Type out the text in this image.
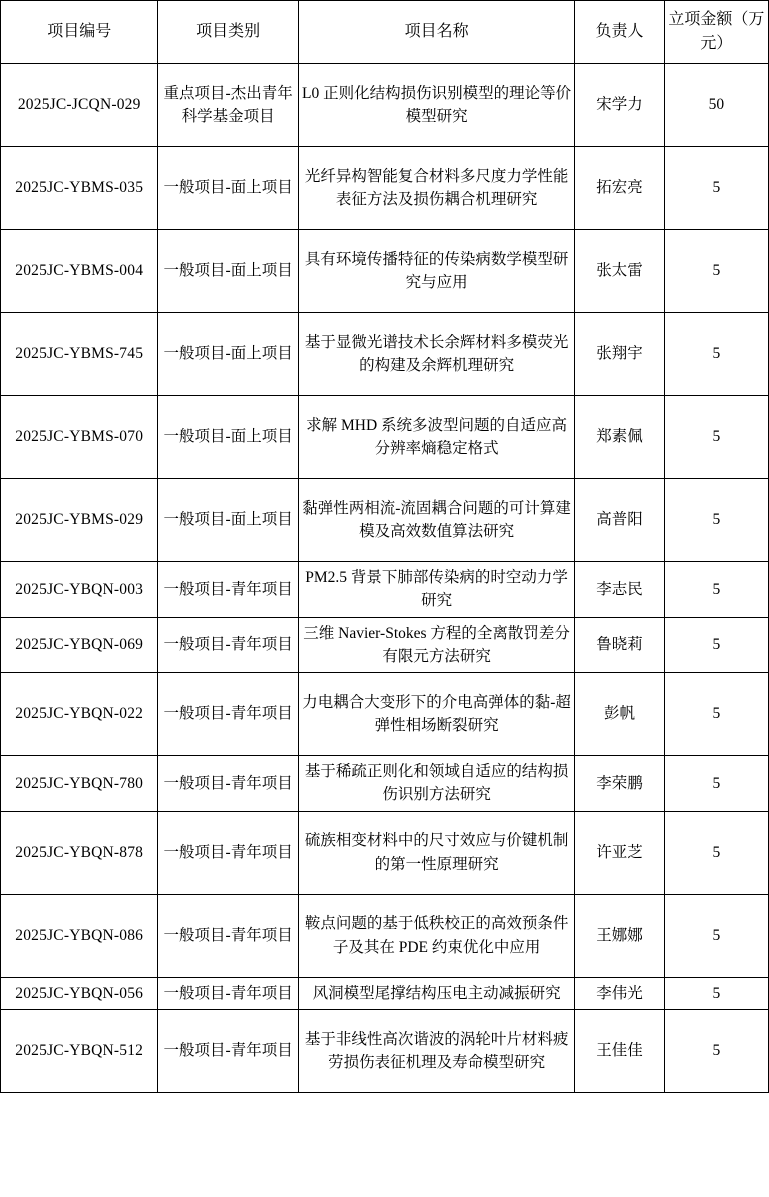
项目编号	项目类别	项目名称	负责人	立项金额（万元）
2025JC-JCQN-029	重点项目-杰出青年科学基金项目	L0 正则化结构损伤识别模型的理论等价模型研究	宋学力	50
2025JC-YBMS-035	一般项目-面上项目	光纤异构智能复合材料多尺度力学性能表征方法及损伤耦合机理研究	拓宏亮	5
2025JC-YBMS-004	一般项目-面上项目	具有环境传播特征的传染病数学模型研究与应用	张太雷	5
2025JC-YBMS-745	一般项目-面上项目	基于显微光谱技术长余辉材料多模荧光的构建及余辉机理研究	张翔宇	5
2025JC-YBMS-070	一般项目-面上项目	求解 MHD 系统多波型问题的自适应高分辨率熵稳定格式	郑素佩	5
2025JC-YBMS-029	一般项目-面上项目	黏弹性两相流-流固耦合问题的可计算建模及高效数值算法研究	高普阳	5
2025JC-YBQN-003	一般项目-青年项目	PM2.5 背景下肺部传染病的时空动力学研究	李志民	5
2025JC-YBQN-069	一般项目-青年项目	三维 Navier-Stokes 方程的全离散罚差分有限元方法研究	鲁晓莉	5
2025JC-YBQN-022	一般项目-青年项目	力电耦合大变形下的介电高弹体的黏-超弹性相场断裂研究	彭帆	5
2025JC-YBQN-780	一般项目-青年项目	基于稀疏正则化和领域自适应的结构损伤识别方法研究	李荣鹏	5
2025JC-YBQN-878	一般项目-青年项目	硫族相变材料中的尺寸效应与价键机制的第一性原理研究	许亚芝	5
2025JC-YBQN-086	一般项目-青年项目	鞍点问题的基于低秩校正的高效预条件子及其在 PDE 约束优化中应用	王娜娜	5
2025JC-YBQN-056	一般项目-青年项目	风洞模型尾撑结构压电主动减振研究	李伟光	5
2025JC-YBQN-512	一般项目-青年项目	基于非线性高次谐波的涡轮叶片材料疲劳损伤表征机理及寿命模型研究	王佳佳	5
